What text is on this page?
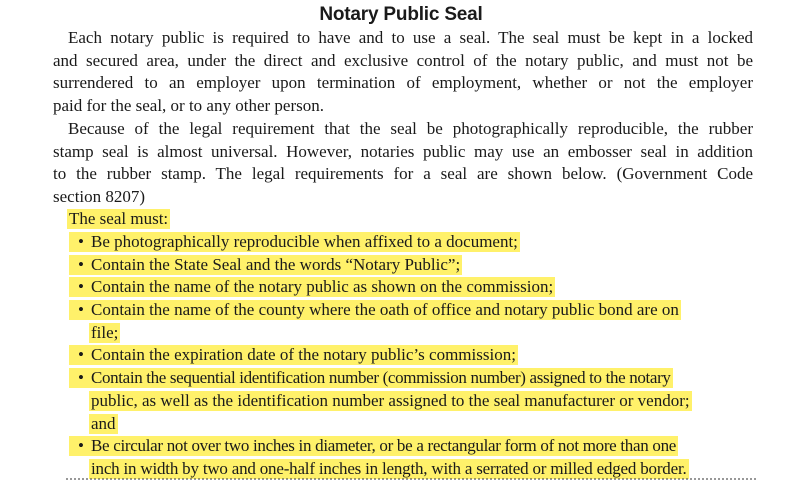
Notary Public Seal
Each notary public is required to have and to use a seal. The seal must be kept in a locked
and secured area, under the direct and exclusive control of the notary public, and must not be
surrendered to an employer upon termination of employment, whether or not the employer
paid for the seal, or to any other person.
Because of the legal requirement that the seal be photographically reproducible, the rubber
stamp seal is almost universal. However, notaries public may use an embosser seal in addition
to the rubber stamp. The legal requirements for a seal are shown below. (Government Code
section 8207)
The seal must:
• Be photographically reproducible when affixed to a document;
• Contain the State Seal and the words “Notary Public”;
• Contain the name of the notary public as shown on the commission;
• Contain the name of the county where the oath of office and notary public bond are on
file;
• Contain the expiration date of the notary public’s commission;
• Contain the sequential identification number (commission number) assigned to the notary
public, as well as the identification number assigned to the seal manufacturer or vendor;
and
• Be circular not over two inches in diameter, or be a rectangular form of not more than one
inch in width by two and one-half inches in length, with a serrated or milled edged border.
